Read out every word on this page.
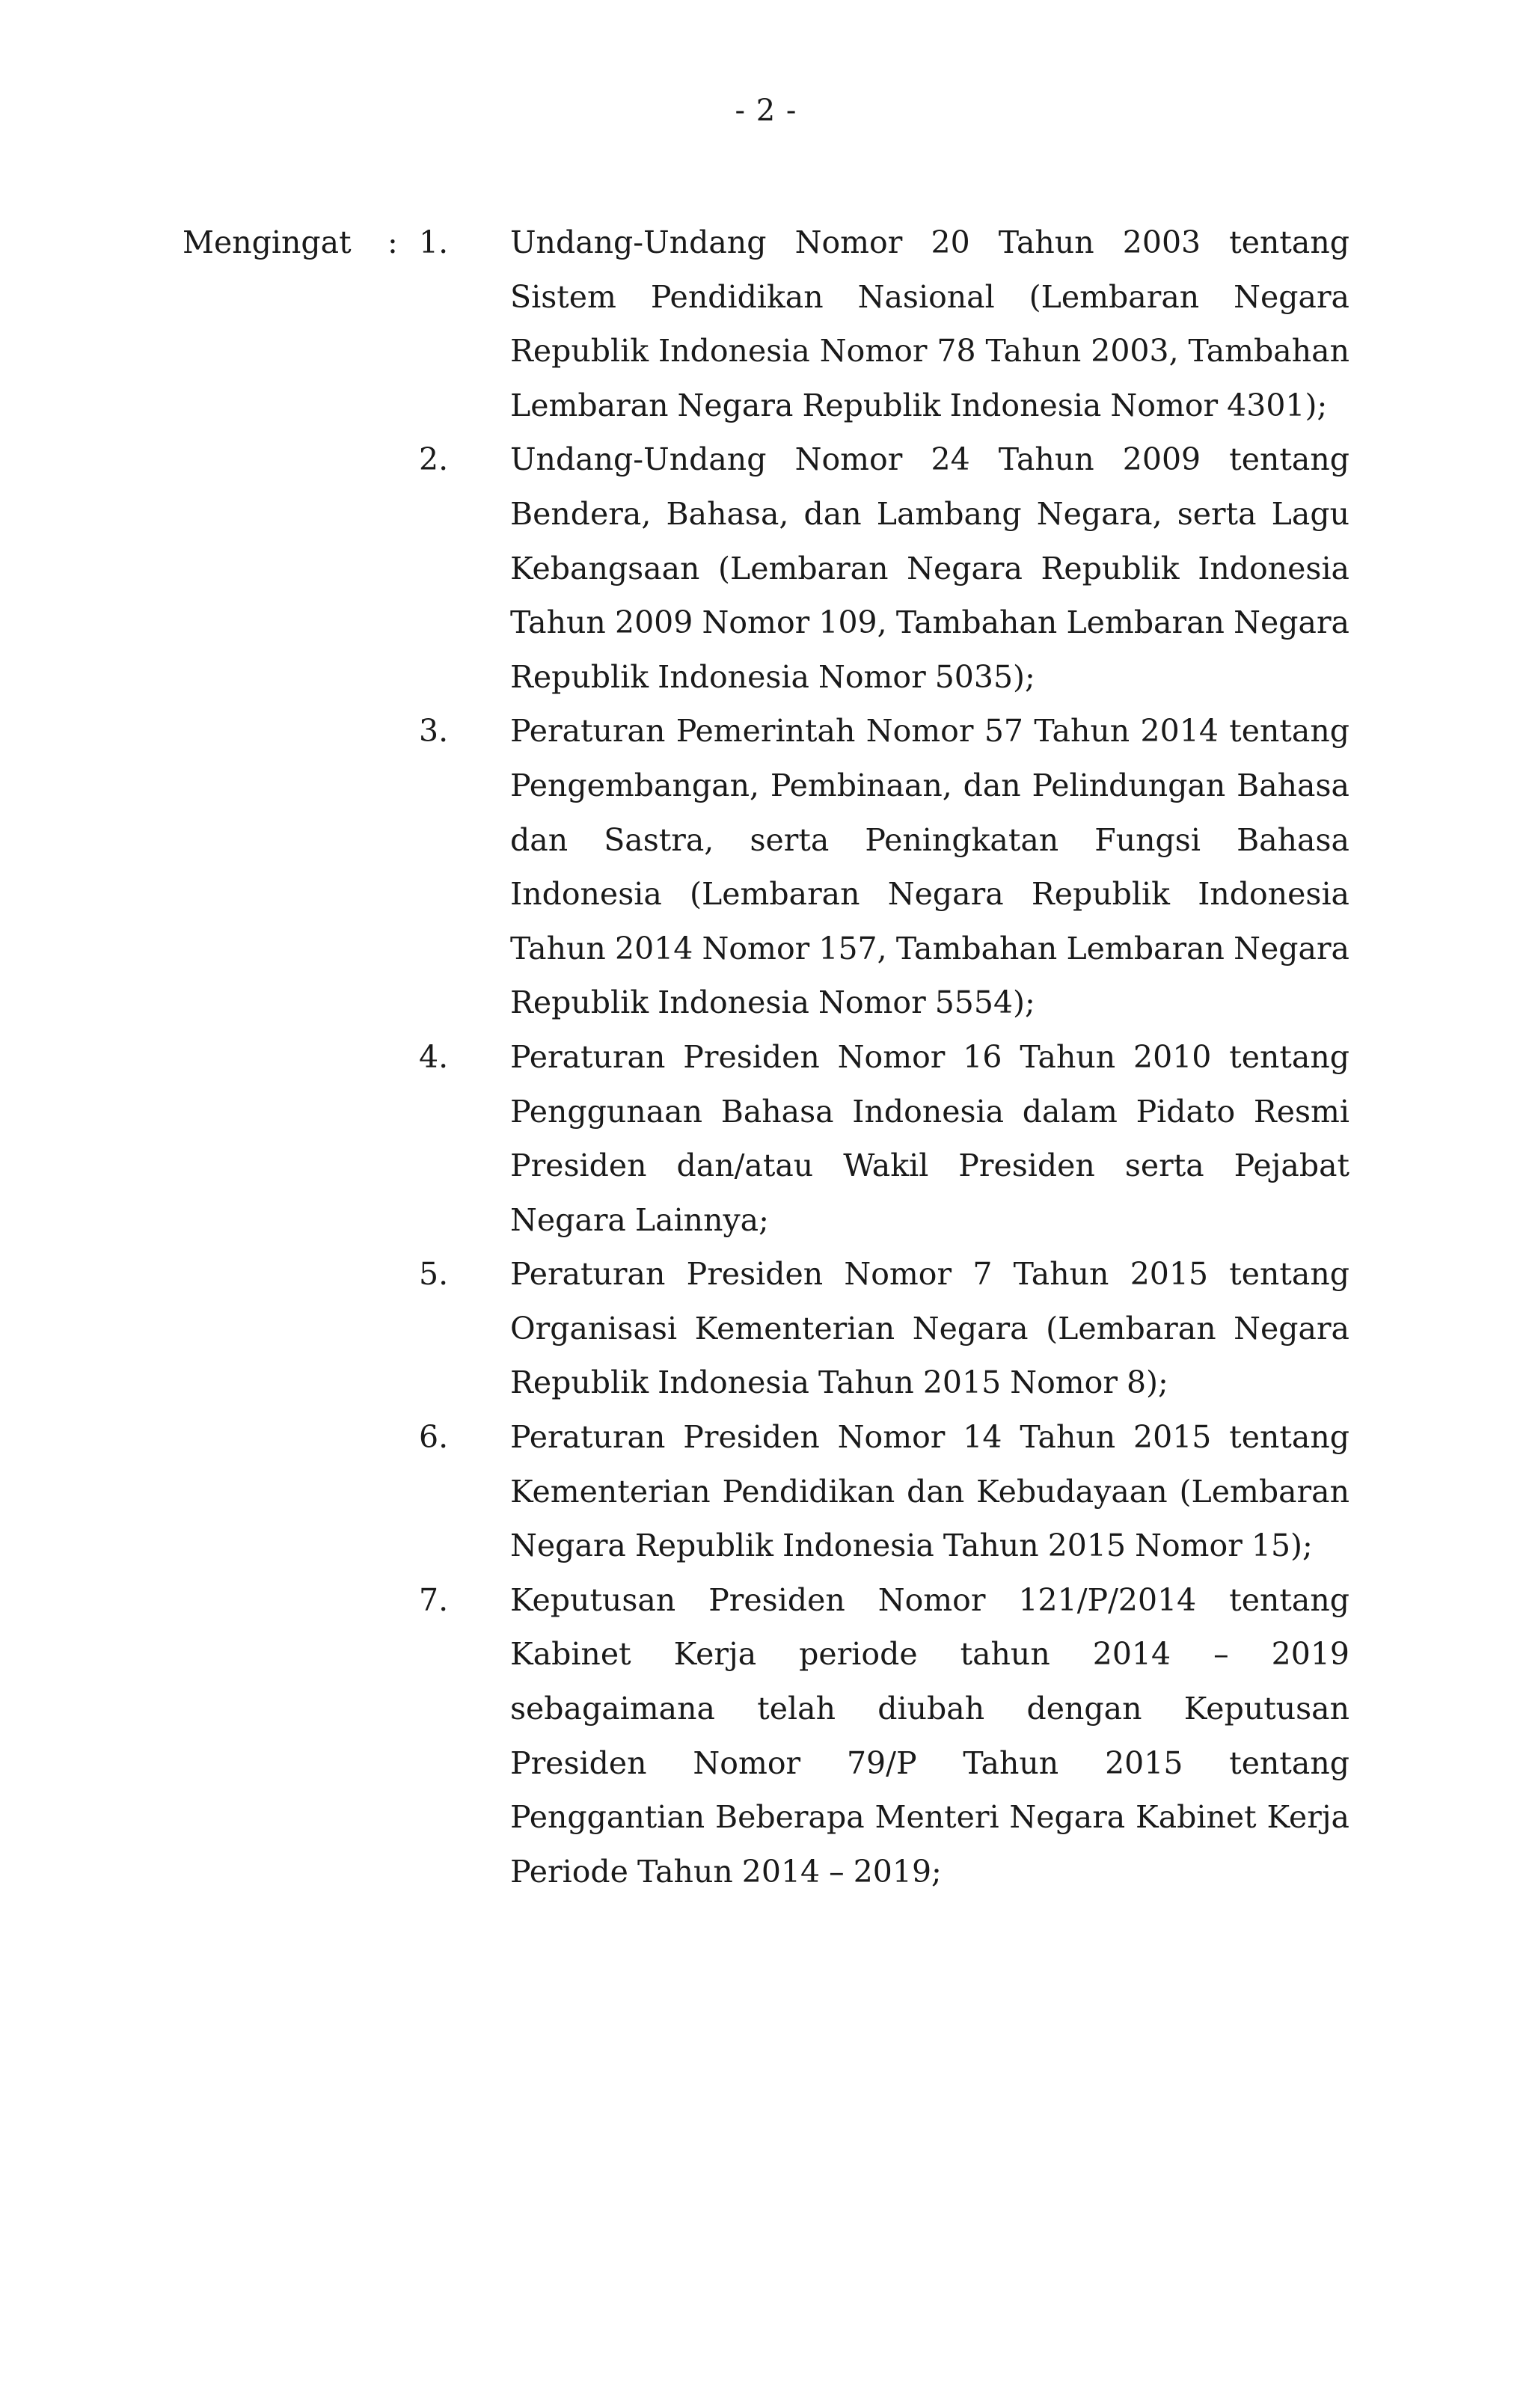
- 2 -
Mengingat : 1.	Undang-Undang Nomor 20 Tahun 2003 tentang Sistem Pendidikan Nasional (Lembaran Negara Republik Indonesia Nomor 78 Tahun 2003, Tambahan Lembaran Negara Republik Indonesia Nomor 4301);
2.	Undang-Undang Nomor 24 Tahun 2009 tentang Bendera, Bahasa, dan Lambang Negara, serta Lagu Kebangsaan (Lembaran Negara Republik Indonesia Tahun 2009 Nomor 109, Tambahan Lembaran Negara Republik Indonesia Nomor 5035);
3.	Peraturan Pemerintah Nomor 57 Tahun 2014 tentang Pengembangan, Pembinaan, dan Pelindungan Bahasa dan Sastra, serta Peningkatan Fungsi Bahasa Indonesia (Lembaran Negara Republik Indonesia Tahun 2014 Nomor 157, Tambahan Lembaran Negara Republik Indonesia Nomor 5554);
4.	Peraturan Presiden Nomor 16 Tahun 2010 tentang Penggunaan Bahasa Indonesia dalam Pidato Resmi Presiden dan/atau Wakil Presiden serta Pejabat Negara Lainnya;
5.	Peraturan Presiden Nomor 7 Tahun 2015 tentang Organisasi Kementerian Negara (Lembaran Negara Republik Indonesia Tahun 2015 Nomor 8);
6.	Peraturan Presiden Nomor 14 Tahun 2015 tentang Kementerian Pendidikan dan Kebudayaan (Lembaran Negara Republik Indonesia Tahun 2015 Nomor 15);
7.	Keputusan Presiden Nomor 121/P/2014 tentang Kabinet Kerja periode tahun 2014 – 2019 sebagaimana telah diubah dengan Keputusan Presiden Nomor 79/P Tahun 2015 tentang Penggantian Beberapa Menteri Negara Kabinet Kerja Periode Tahun 2014 – 2019;
